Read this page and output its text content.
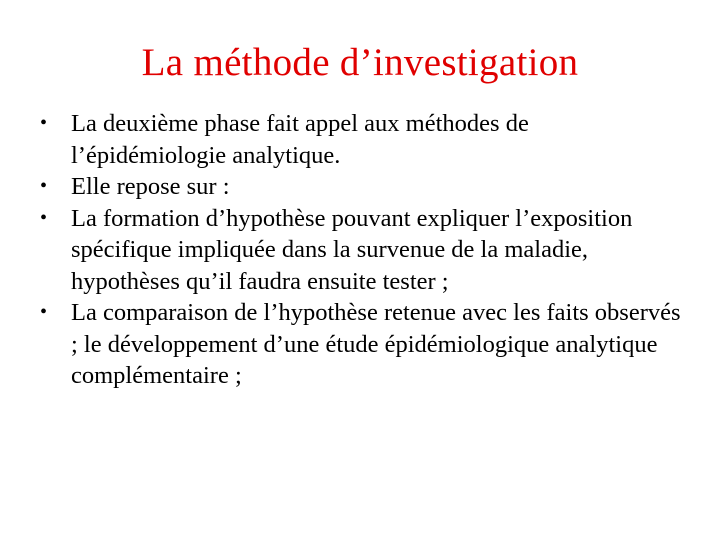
La méthode d’investigation
• La deuxième phase fait appel aux méthodes de l’épidémiologie analytique.
• Elle repose sur :
• La formation d’hypothèse pouvant expliquer l’exposition spécifique impliquée dans la survenue de la maladie, hypothèses qu’il faudra ensuite tester ;
• La comparaison de l’hypothèse retenue avec les faits observés ; le développement d’une étude épidémiologique analytique complémentaire ;
